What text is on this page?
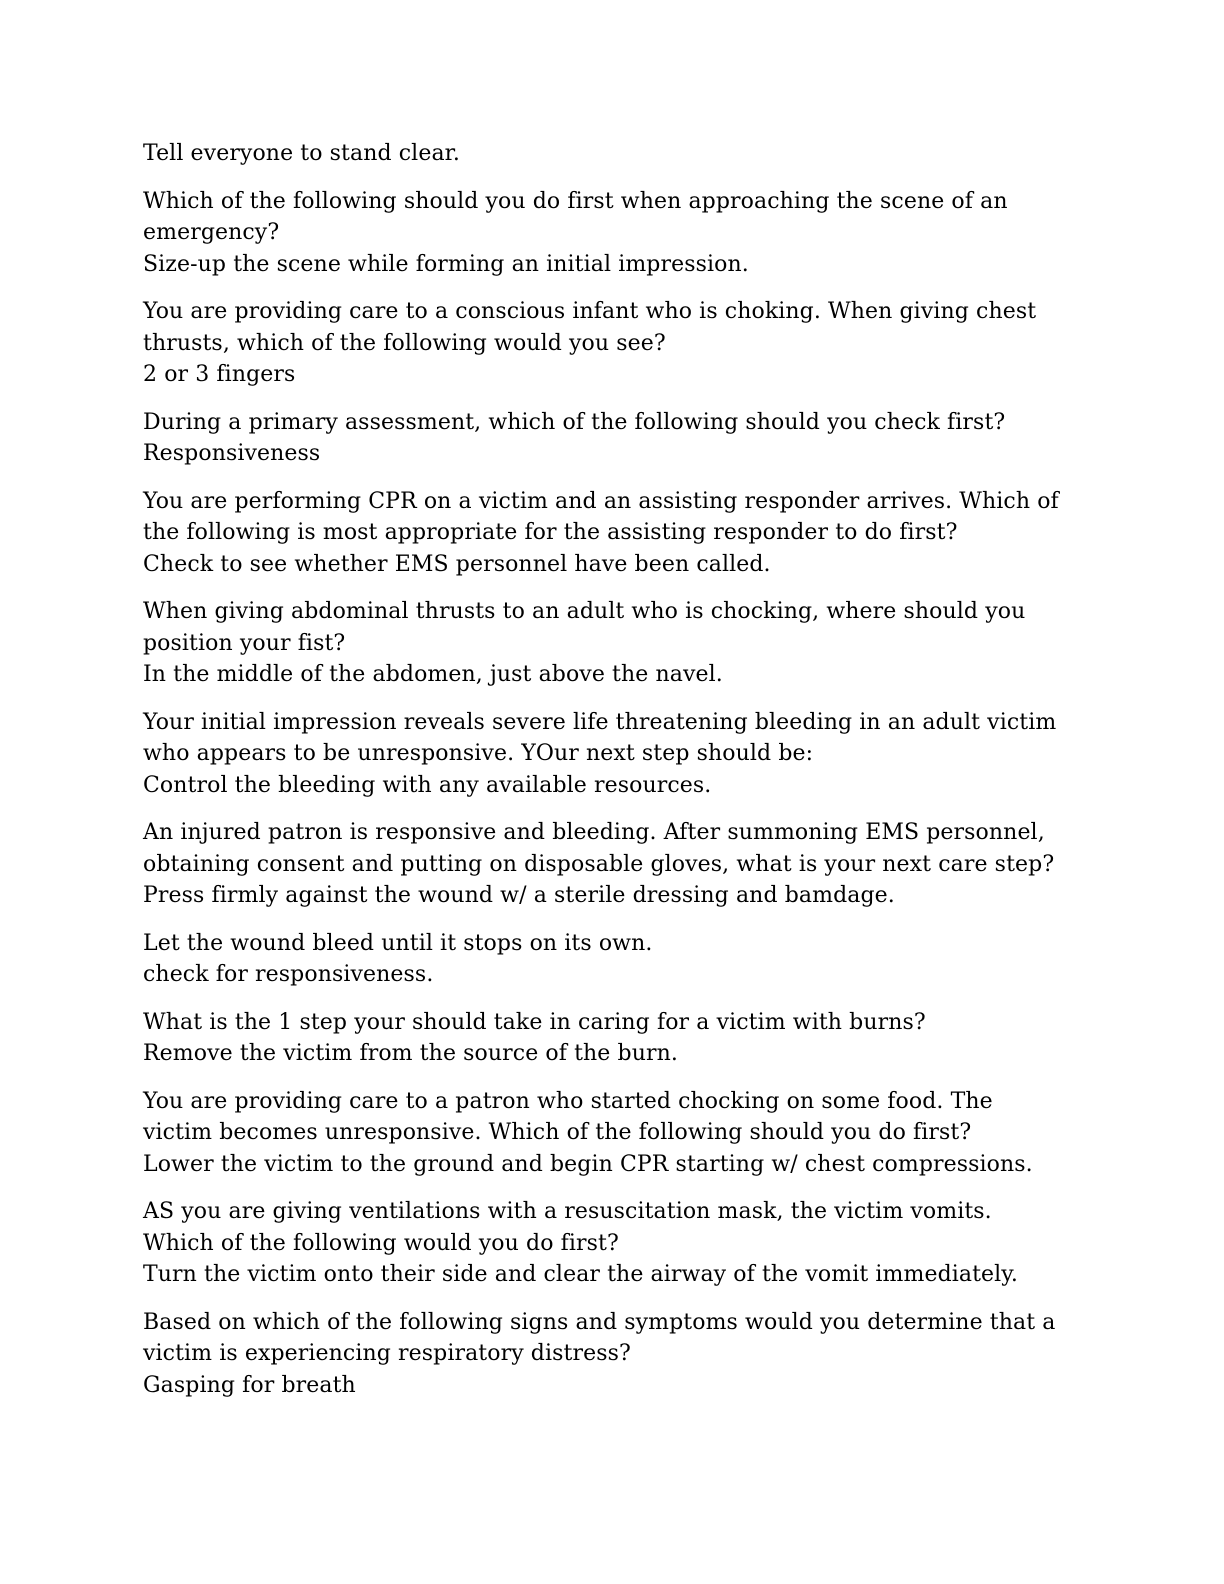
Tell everyone to stand clear.
Which of the following should you do first when approaching the scene of an
emergency?
Size-up the scene while forming an initial impression.
You are providing care to a conscious infant who is choking. When giving chest
thrusts, which of the following would you see?
2 or 3 fingers
During a primary assessment, which of the following should you check first?
Responsiveness
You are performing CPR on a victim and an assisting responder arrives. Which of
the following is most appropriate for the assisting responder to do first?
Check to see whether EMS personnel have been called.
When giving abdominal thrusts to an adult who is chocking, where should you
position your fist?
In the middle of the abdomen, just above the navel.
Your initial impression reveals severe life threatening bleeding in an adult victim
who appears to be unresponsive. YOur next step should be:
Control the bleeding with any available resources.
An injured patron is responsive and bleeding. After summoning EMS personnel,
obtaining consent and putting on disposable gloves, what is your next care step?
Press firmly against the wound w/ a sterile dressing and bamdage.
Let the wound bleed until it stops on its own.
check for responsiveness.
What is the 1 step your should take in caring for a victim with burns?
Remove the victim from the source of the burn.
You are providing care to a patron who started chocking on some food. The
victim becomes unresponsive. Which of the following should you do first?
Lower the victim to the ground and begin CPR starting w/ chest compressions.
AS you are giving ventilations with a resuscitation mask, the victim vomits.
Which of the following would you do first?
Turn the victim onto their side and clear the airway of the vomit immediately.
Based on which of the following signs and symptoms would you determine that a
victim is experiencing respiratory distress?
Gasping for breath
